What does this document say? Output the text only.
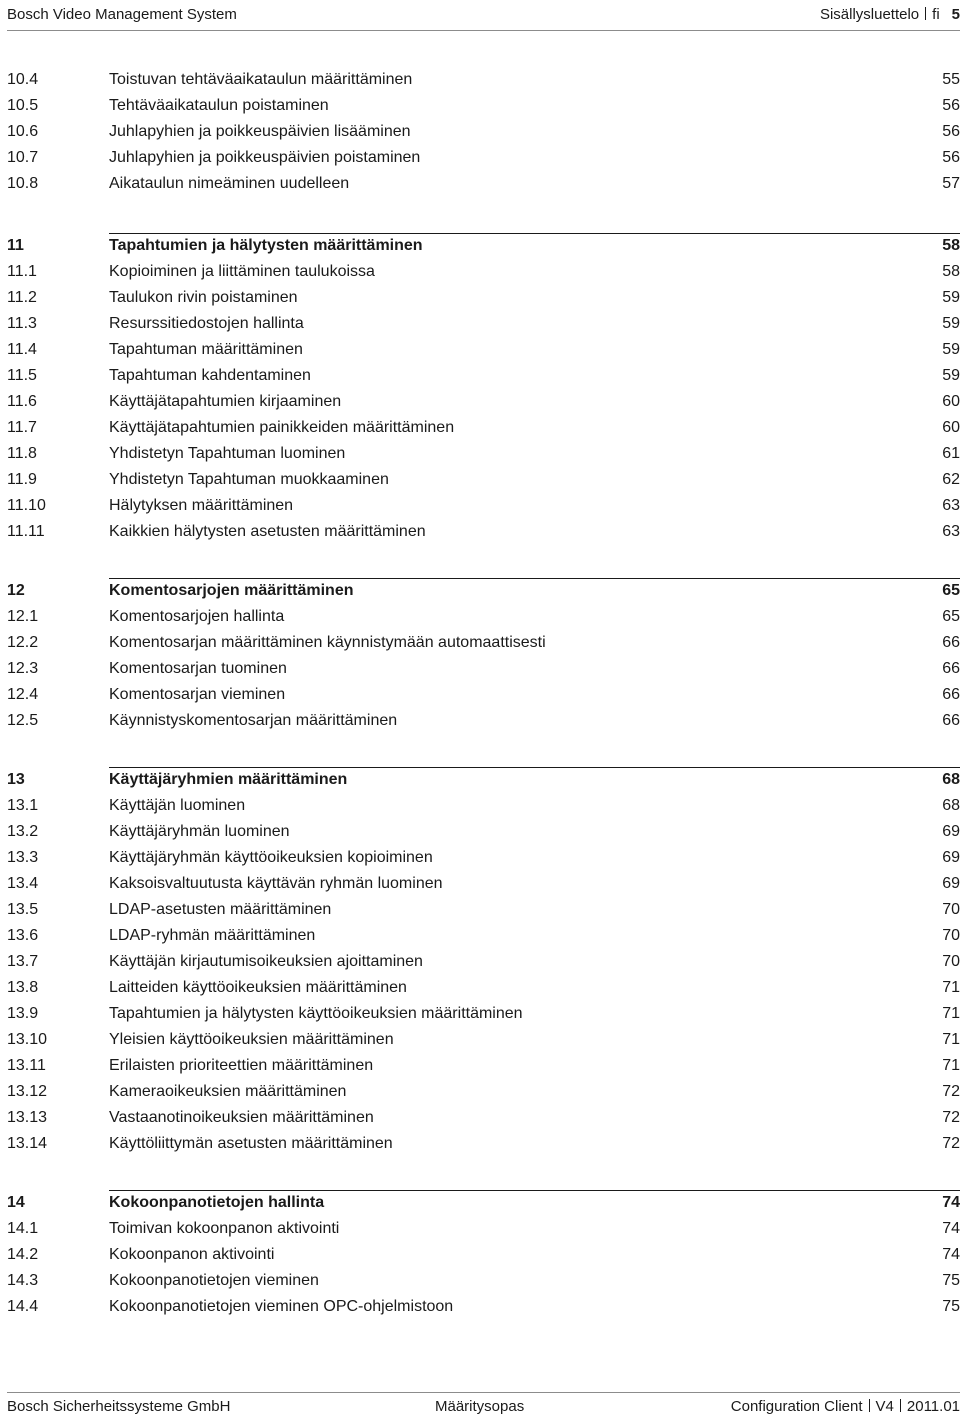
Bosch Video Management System	Sisällysluettelo fi 5
10.4	Toistuvan tehtäväaikataulun määrittäminen	55
10.5	Tehtäväaikataulun poistaminen	56
10.6	Juhlapyhien ja poikkeuspäivien lisääminen	56
10.7	Juhlapyhien ja poikkeuspäivien poistaminen	56
10.8	Aikataulun nimeäminen uudelleen	57
11	Tapahtumien ja hälytysten määrittäminen	58
11.1	Kopioiminen ja liittäminen taulukoissa	58
11.2	Taulukon rivin poistaminen	59
11.3	Resurssitiedostojen hallinta	59
11.4	Tapahtuman määrittäminen	59
11.5	Tapahtuman kahdentaminen	59
11.6	Käyttäjätapahtumien kirjaaminen	60
11.7	Käyttäjätapahtumien painikkeiden määrittäminen	60
11.8	Yhdistetyn Tapahtuman luominen	61
11.9	Yhdistetyn Tapahtuman muokkaaminen	62
11.10	Hälytyksen määrittäminen	63
11.11	Kaikkien hälytysten asetusten määrittäminen	63
12	Komentosarjojen määrittäminen	65
12.1	Komentosarjojen hallinta	65
12.2	Komentosarjan määrittäminen käynnistymään automaattisesti	66
12.3	Komentosarjan tuominen	66
12.4	Komentosarjan vieminen	66
12.5	Käynnistyskomentosarjan määrittäminen	66
13	Käyttäjäryhmien määrittäminen	68
13.1	Käyttäjän luominen	68
13.2	Käyttäjäryhmän luominen	69
13.3	Käyttäjäryhmän käyttöoikeuksien kopioiminen	69
13.4	Kaksoisvaltuutusta käyttävän ryhmän luominen	69
13.5	LDAP-asetusten määrittäminen	70
13.6	LDAP-ryhmän määrittäminen	70
13.7	Käyttäjän kirjautumisoikeuksien ajoittaminen	70
13.8	Laitteiden käyttöoikeuksien määrittäminen	71
13.9	Tapahtumien ja hälytysten käyttöoikeuksien määrittäminen	71
13.10	Yleisien käyttöoikeuksien määrittäminen	71
13.11	Erilaisten prioriteettien määrittäminen	71
13.12	Kameraoikeuksien määrittäminen	72
13.13	Vastaanotinoikeuksien määrittäminen	72
13.14	Käyttöliittymän asetusten määrittäminen	72
14	Kokoonpanotietojen hallinta	74
14.1	Toimivan kokoonpanon aktivointi	74
14.2	Kokoonpanon aktivointi	74
14.3	Kokoonpanotietojen vieminen	75
14.4	Kokoonpanotietojen vieminen OPC-ohjelmistoon	75
Bosch Sicherheitssysteme GmbH	Määritysopas	Configuration Client V4 2011.01
